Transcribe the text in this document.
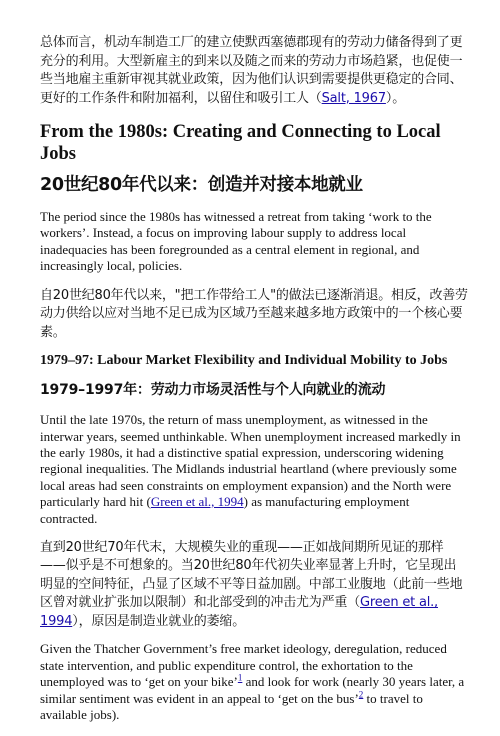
总体而言，机动车制造工厂的建立使默西塞德郡现有的劳动力储备得到了更充分的利用。大型新雇主的到来以及随之而来的劳动力市场趋紧，也促使一些当地雇主重新审视其就业政策，因为他们认识到需要提供更稳定的合同、更好的工作条件和附加福利，以留住和吸引工人（Salt, 1967）。

From the 1980s: Creating and Connecting to Local Jobs
20世纪80年代以来：创造并对接本地就业

The period since the 1980s has witnessed a retreat from taking ‘work to the workers’. Instead, a focus on improving labour supply to address local inadequacies has been foregrounded as a central element in regional, and increasingly local, policies.

自20世纪80年代以来，"把工作带给工人"的做法已逐渐消退。相反，改善劳动力供给以应对当地不足已成为区域乃至越来越多地方政策中的一个核心要素。

1979–97: Labour Market Flexibility and Individual Mobility to Jobs
1979–1997年：劳动力市场灵活性与个人向就业的流动

Until the late 1970s, the return of mass unemployment, as witnessed in the interwar years, seemed unthinkable. When unemployment increased markedly in the early 1980s, it had a distinctive spatial expression, underscoring widening regional inequalities. The Midlands industrial heartland (where previously some local areas had seen constraints on employment expansion) and the North were particularly hard hit (Green et al., 1994) as manufacturing employment contracted.

直到20世纪70年代末，大规模失业的重现——正如战间期所见证的那样——似乎是不可想象的。当20世纪80年代初失业率显著上升时，它呈现出明显的空间特征，凸显了区域不平等日益加剧。中部工业腹地（此前一些地区曾对就业扩张加以限制）和北部受到的冲击尤为严重（Green et al., 1994），原因是制造业就业的萎缩。

Given the Thatcher Government’s free market ideology, deregulation, reduced state intervention, and public expenditure control, the exhortation to the unemployed was to ‘get on your bike’$^1$ and look for work (nearly 30 years later, a similar sentiment was evident in an appeal to ‘get on the bus’$^2$ to travel to available jobs).
